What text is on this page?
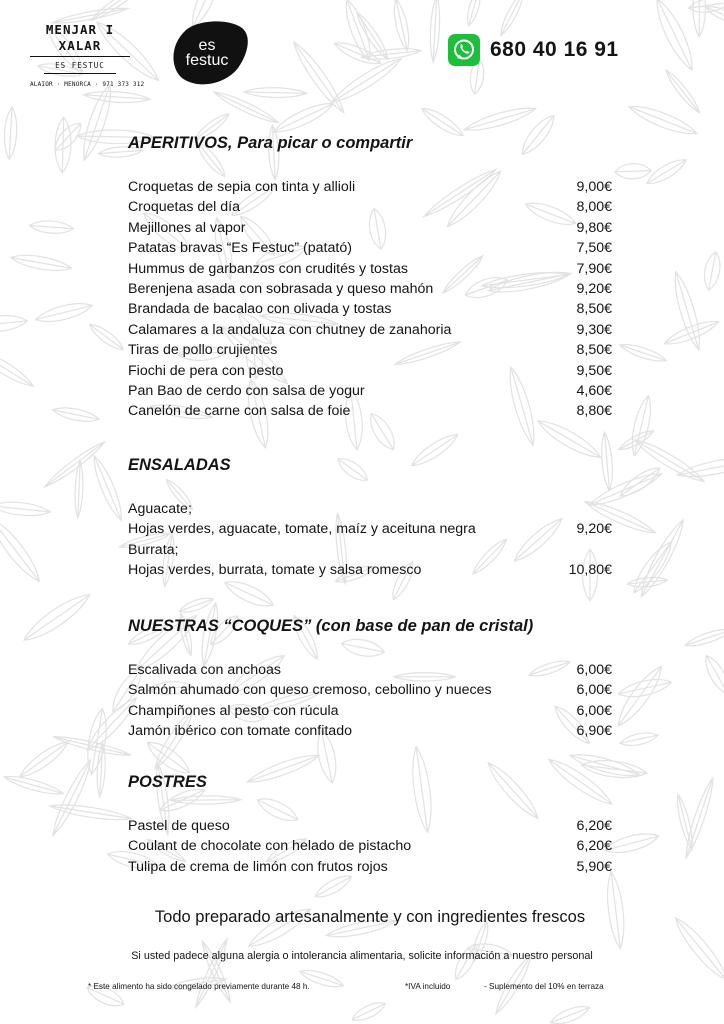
MENJAR I XALAR
ES FESTUC
ALAIOR · MENORCA · 971 373 312
es
festuc	680 40 16 91
APERITIVOS, Para picar o compartir
Croquetas de sepia con tinta y allioli	9,00€
Croquetas del día	8,00€
Mejillones al vapor	9,80€
Patatas bravas “Es Festuc” (patató)	7,50€
Hummus de garbanzos con crudités y tostas	7,90€
Berenjena asada con sobrasada y queso mahón	9,20€
Brandada de bacalao con olivada y tostas	8,50€
Calamares a la andaluza con chutney de zanahoria	9,30€
Tiras de pollo crujientes	8,50€
Fiochi de pera con pesto	9,50€
Pan Bao de cerdo con salsa de yogur	4,60€
Canelón de carne con salsa de foie	8,80€
ENSALADAS
Aguacate;
Hojas verdes, aguacate, tomate, maíz y aceituna negra	9,20€
Burrata;
Hojas verdes, burrata, tomate y salsa romesco	10,80€
NUESTRAS “COQUES” (con base de pan de cristal)
Escalivada con anchoas	6,00€
Salmón ahumado con queso cremoso, cebollino y nueces	6,00€
Champiñones al pesto con rúcula	6,00€
Jamón ibérico con tomate confitado	6,90€
POSTRES
Pastel de queso	6,20€
Coulant de chocolate con helado de pistacho	6,20€
Tulipa de crema de limón con frutos rojos	5,90€
Todo preparado artesanalmente y con ingredientes frescos
Si usted padece alguna alergia o intolerancia alimentaria, solicite información a nuestro personal
* Este alimento ha sido congelado previamente durante 48 h.	*IVA incluido	- Suplemento del 10% en terraza
